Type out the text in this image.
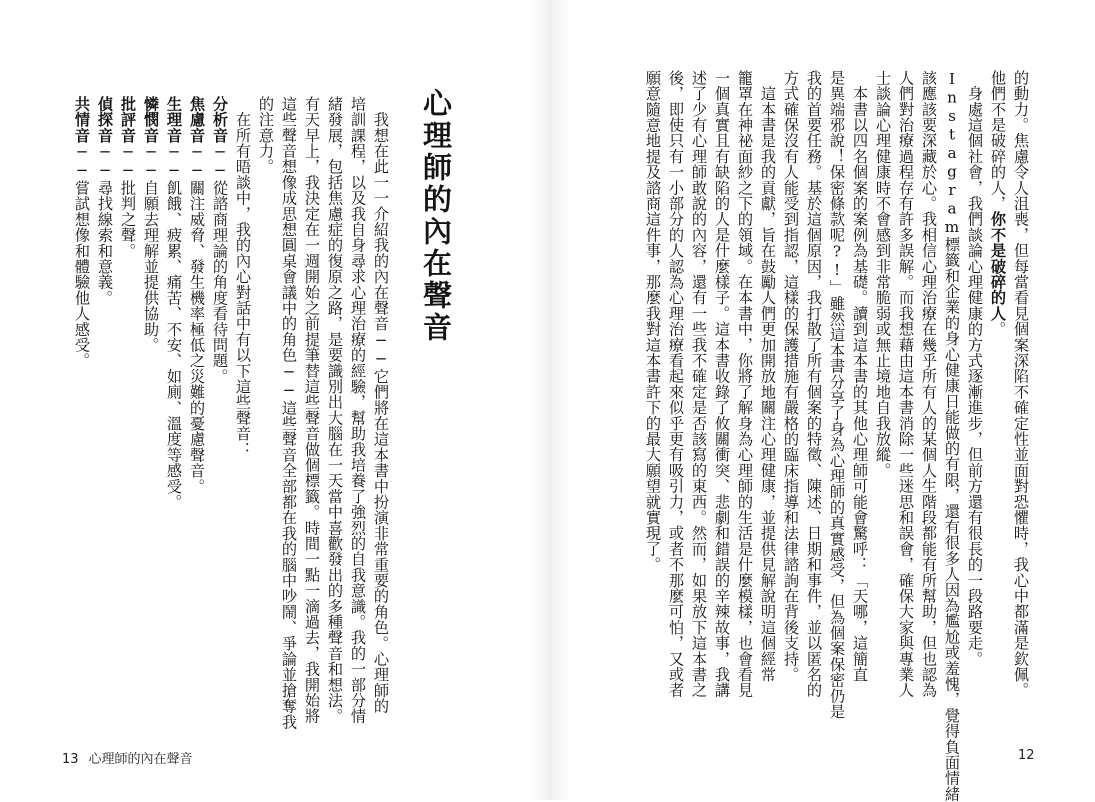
的動力。焦慮令人沮喪，但每當看見個案深陷不確定性並面對恐懼時，我心中都滿是欽佩。
他們不是破碎的人，你不是破碎的人。
　身處這個社會，我們談論心理健康的方式逐漸進步，但前方還有很長的一段路要走。
Instagram標籤和企業的身心健康日能做的有限，還有很多人因為尷尬或羞愧，覺得負面情緒
該應該要深藏於心。我相信心理治療在幾乎所有人的某個人生階段都能有所幫助，但也認為
人們對治療過程存有許多誤解。而我想藉由這本書消除一些迷思和誤會，確保大家與專業人
士談論心理健康時不會感到非常脆弱或無止境地自我放縱。
　本書以四名個案的案例為基礎。讀到這本書的其他心理師可能會驚呼：「天哪，這簡直
是異端邪說！保密條款呢?!」雖然這本書分享了身為心理師的真實感受，但為個案保密仍是
我的首要任務。基於這個原因，我打散了所有個案的特徵、陳述、日期和事件，並以匿名的
方式確保沒有人能受到指認，這樣的保護措施有嚴格的臨床指導和法律諮詢在背後支持。
　這本書是我的貢獻，旨在鼓勵人們更加開放地關注心理健康，並提供見解說明這個經常
籠罩在神祕面紗之下的領域。在本書中，你將了解身為心理師的生活是什麼模樣，也會看見
一個真實且有缺陷的人是什麼樣子。這本書收錄了攸關衝突、悲劇和錯誤的辛辣故事，我講
述了少有心理師敢說的內容，還有一些我不確定是否該寫的東西。然而，如果放下這本書之
後，即使只有一小部分的人認為心理治療看起來似乎更有吸引力，或者不那麼可怕，又或者
願意隨意地提及諮商這件事，那麼我對這本書許下的最大願望就實現了。
心理師的內在聲音
　我想在此一一介紹我的內在聲音──它們將在這本書中扮演非常重要的角色。心理師的
培訓課程，以及我自身尋求心理治療的經驗，幫助我培養了強烈的自我意識。我的一部分情
緒發展，包括焦慮症的復原之路，是要識別出大腦在一天當中喜歡發出的多種聲音和想法。
有天早上，我決定在一週開始之前提筆替這些聲音做個標籤。時間一點一滴過去，我開始將
這些聲音想像成思想圓桌會議中的角色──這些聲音全部都在我的腦中吵鬧、爭論並搶奪我
的注意力。
　在所有晤談中，我的內心對話中有以下這些聲音：
分析音──從諮商理論的角度看待問題。
焦慮音──關注威脅、發生機率極低之災難的憂慮聲音。
生理音──飢餓、疲累、痛苦、不安、如廁、溫度等感受。
憐憫音──自願去理解並提供協助。
批評音──批判之聲。
偵探音──尋找線索和意義。
共情音──嘗試想像和體驗他人感受。
13 心理師的內在聲音	12
